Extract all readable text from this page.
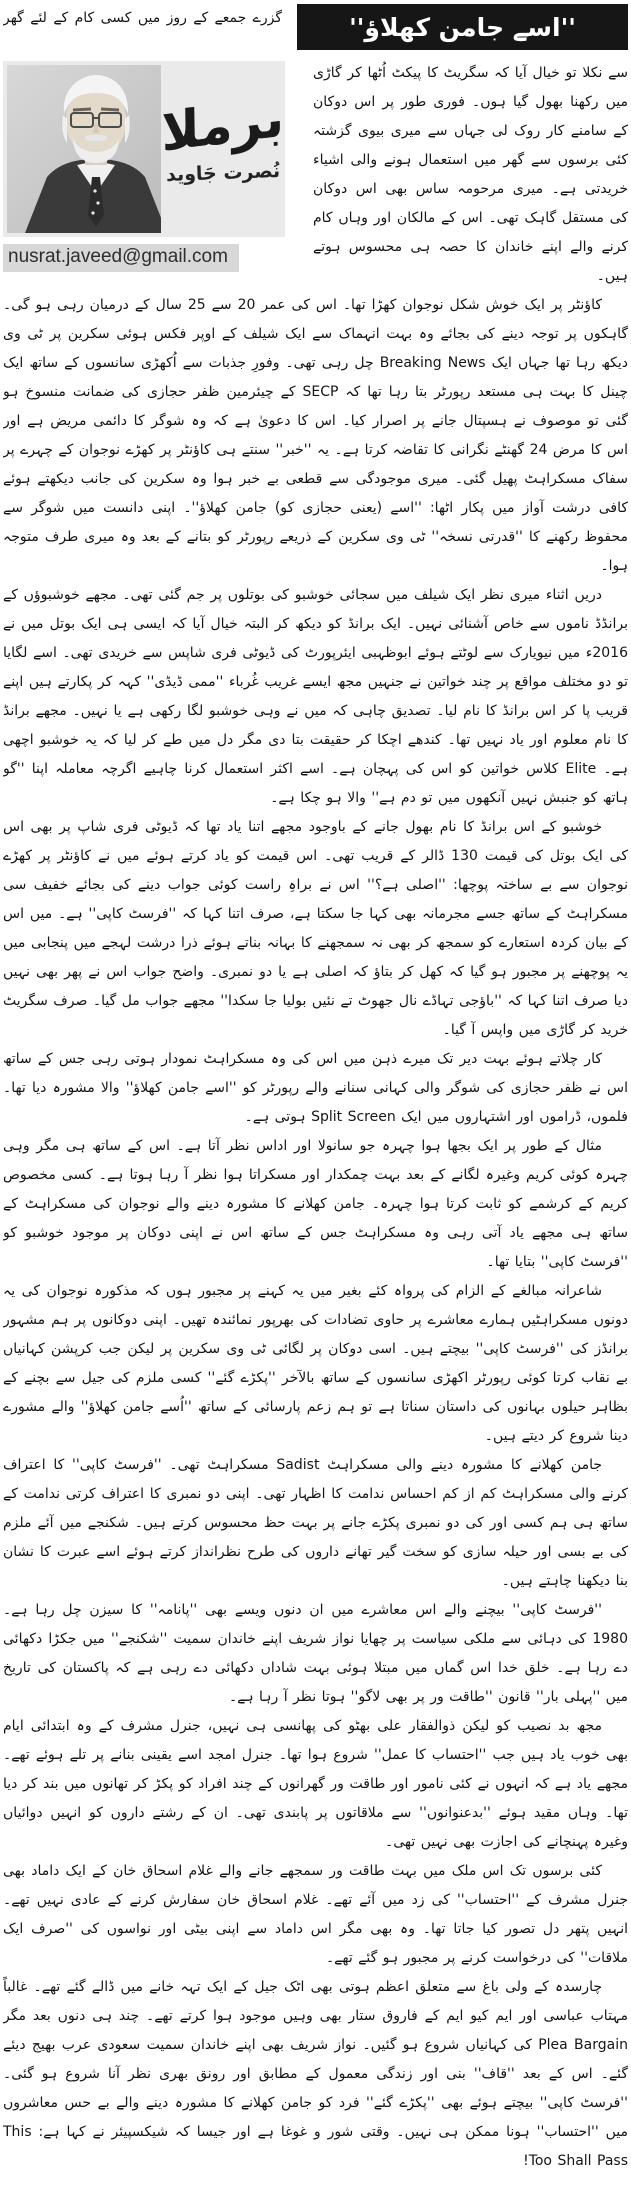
''اسے جامن کھلاؤ''
برملا
نُصرت جَاوید
nusrat.javeed@gmail.com

گزرے جمعے کے روز میں کسی کام کے لئے گھر سے نکلا تو خیال آیا کہ سگریٹ کا پیکٹ اُٹھا کر گاڑی میں رکھنا بھول گیا ہوں۔ فوری طور پر اس دوکان کے سامنے کار روک لی جہاں سے میری بیوی گزشتہ کئی برسوں سے گھر میں استعمال ہونے والی اشیاء خریدتی ہے۔ میری مرحومہ ساس بھی اس دوکان کی مستقل گاہک تھی۔ اس کے مالکان اور وہاں کام کرنے والے اپنے خاندان کا حصہ ہی محسوس ہوتے ہیں۔

کاؤنٹر پر ایک خوش شکل نوجوان کھڑا تھا۔ اس کی عمر 20 سے 25 سال کے درمیان رہی ہو گی۔ گاہکوں پر توجہ دینے کی بجائے وہ بہت انہماک سے ایک شیلف کے اوپر فکس ہوئی سکرین پر ٹی وی دیکھ رہا تھا جہاں ایک Breaking News چل رہی تھی۔ وفورِ جذبات سے اُکھڑی سانسوں کے ساتھ ایک چینل کا بہت ہی مستعد رپورٹر بتا رہا تھا کہ SECP کے چیئرمین ظفر حجازی کی ضمانت منسوخ ہو گئی تو موصوف نے ہسپتال جانے پر اصرار کیا۔ اس کا دعویٰ ہے کہ وہ شوگر کا دائمی مریض ہے اور اس کا مرض 24 گھنٹے نگرانی کا تقاضہ کرتا ہے۔ یہ ''خبر'' سنتے ہی کاؤنٹر پر کھڑے نوجوان کے چہرے پر سفاک مسکراہٹ پھیل گئی۔ میری موجودگی سے قطعی بے خبر ہوا وہ سکرین کی جانب دیکھتے ہوئے کافی درشت آواز میں پکار اٹھا: ''اسے (یعنی حجازی کو) جامن کھلاؤ''۔ اپنی دانست میں شوگر سے محفوظ رکھنے کا ''قدرتی نسخہ'' ٹی وی سکرین کے ذریعے رپورٹر کو بتانے کے بعد وہ میری طرف متوجہ ہوا۔

دریں اثناء میری نظر ایک شیلف میں سجائی خوشبو کی بوتلوں پر جم گئی تھی۔ مجھے خوشبوؤں کے برانڈڈ ناموں سے خاص آشنائی نہیں۔ ایک برانڈ کو دیکھ کر البتہ خیال آیا کہ ایسی ہی ایک بوتل میں نے 2016ء میں نیویارک سے لوٹتے ہوئے ابوظہبی ایئرپورٹ کی ڈیوٹی فری شاپس سے خریدی تھی۔ اسے لگایا تو دو مختلف مواقع پر چند خواتین نے جنہیں مجھ ایسے غریب غُرباء ''ممی ڈیڈی'' کہہ کر پکارتے ہیں اپنے قریب پا کر اس برانڈ کا نام لیا۔ تصدیق چاہی کہ میں نے وہی خوشبو لگا رکھی ہے یا نہیں۔ مجھے برانڈ کا نام معلوم اور یاد نہیں تھا۔ کندھے اچکا کر حقیقت بتا دی مگر دل میں طے کر لیا کہ یہ خوشبو اچھی ہے۔ Elite کلاس خواتین کو اس کی پہچان ہے۔ اسے اکثر استعمال کرنا چاہیے اگرچہ معاملہ اپنا ''گو ہاتھ کو جنبش نہیں آنکھوں میں تو دم ہے'' والا ہو چکا ہے۔

خوشبو کے اس برانڈ کا نام بھول جانے کے باوجود مجھے اتنا یاد تھا کہ ڈیوٹی فری شاپ پر بھی اس کی ایک بوتل کی قیمت 130 ڈالر کے قریب تھی۔ اس قیمت کو یاد کرتے ہوئے میں نے کاؤنٹر پر کھڑے نوجوان سے بے ساختہ پوچھا: ''اصلی ہے؟'' اس نے براہِ راست کوئی جواب دینے کی بجائے خفیف سی مسکراہٹ کے ساتھ جسے مجرمانہ بھی کہا جا سکتا ہے، صرف اتنا کہا کہ ''فرسٹ کاپی'' ہے۔ میں اس کے بیان کردہ استعارے کو سمجھ کر بھی نہ سمجھنے کا بہانہ بناتے ہوئے ذرا درشت لہجے میں پنجابی میں یہ پوچھنے پر مجبور ہو گیا کہ کھل کر بتاؤ کہ اصلی ہے یا دو نمبری۔ واضح جواب اس نے پھر بھی نہیں دیا صرف اتنا کہا کہ ''باؤجی تہاڈے نال جھوٹ تے نئیں بولیا جا سکدا'' مجھے جواب مل گیا۔ صرف سگریٹ خرید کر گاڑی میں واپس آ گیا۔

کار چلاتے ہوئے بہت دیر تک میرے ذہن میں اس کی وہ مسکراہٹ نمودار ہوتی رہی جس کے ساتھ اس نے ظفر حجازی کی شوگر والی کہانی سنانے والے رپورٹر کو ''اسے جامن کھلاؤ'' والا مشورہ دیا تھا۔ فلموں، ڈراموں اور اشتہاروں میں ایک Split Screen ہوتی ہے۔

مثال کے طور پر ایک بجھا ہوا چہرہ جو سانولا اور اداس نظر آتا ہے۔ اس کے ساتھ ہی مگر وہی چہرہ کوئی کریم وغیرہ لگانے کے بعد بہت چمکدار اور مسکراتا ہوا نظر آ رہا ہوتا ہے۔ کسی مخصوص کریم کے کرشمے کو ثابت کرتا ہوا چہرہ۔ جامن کھلانے کا مشورہ دینے والے نوجوان کی مسکراہٹ کے ساتھ ہی مجھے یاد آتی رہی وہ مسکراہٹ جس کے ساتھ اس نے اپنی دوکان پر موجود خوشبو کو ''فرسٹ کاپی'' بتایا تھا۔

شاعرانہ مبالغے کے الزام کی پرواہ کئے بغیر میں یہ کہنے پر مجبور ہوں کہ مذکورہ نوجوان کی یہ دونوں مسکراہٹیں ہمارے معاشرے پر حاوی تضادات کی بھرپور نمائندہ تھیں۔ اپنی دوکانوں پر ہم مشہور برانڈز کی ''فرسٹ کاپی'' بیچتے ہیں۔ اسی دوکان پر لگائی ٹی وی سکرین پر لیکن جب کرپشن کہانیاں بے نقاب کرتا کوئی رپورٹر اکھڑی سانسوں کے ساتھ بالآخر ''پکڑے گئے'' کسی ملزم کی جیل سے بچنے کے بظاہر حیلوں بہانوں کی داستان سناتا ہے تو ہم زعم پارسائی کے ساتھ ''اُسے جامن کھلاؤ'' والے مشورے دینا شروع کر دیتے ہیں۔

جامن کھلانے کا مشورہ دینے والی مسکراہٹ Sadist مسکراہٹ تھی۔ ''فرسٹ کاپی'' کا اعتراف کرنے والی مسکراہٹ کم از کم احساس ندامت کا اظہار تھی۔ اپنی دو نمبری کا اعتراف کرتی ندامت کے ساتھ ہی ہم کسی اور کی دو نمبری پکڑے جانے پر بہت حظ محسوس کرتے ہیں۔ شکنجے میں آئے ملزم کی بے بسی اور حیلہ سازی کو سخت گیر تھانے داروں کی طرح نظرانداز کرتے ہوئے اسے عبرت کا نشان بنا دیکھنا چاہتے ہیں۔

''فرسٹ کاپی'' بیچنے والے اس معاشرے میں ان دنوں ویسے بھی ''پانامہ'' کا سیزن چل رہا ہے۔ 1980 کی دہائی سے ملکی سیاست پر چھایا نواز شریف اپنے خاندان سمیت ''شکنجے'' میں جکڑا دکھائی دے رہا ہے۔ خلق خدا اس گماں میں مبتلا ہوئی بہت شاداں دکھائی دے رہی ہے کہ پاکستان کی تاریخ میں ''پہلی بار'' قانون ''طاقت ور پر بھی لاگو'' ہوتا نظر آ رہا ہے۔

مجھ بد نصیب کو لیکن ذوالفقار علی بھٹو کی پھانسی ہی نہیں، جنرل مشرف کے وہ ابتدائی ایام بھی خوب یاد ہیں جب ''احتساب کا عمل'' شروع ہوا تھا۔ جنرل امجد اسے یقینی بنانے پر تلے ہوئے تھے۔ مجھے یاد ہے کہ انہوں نے کئی نامور اور طاقت ور گھرانوں کے چند افراد کو پکڑ کر تھانوں میں بند کر دیا تھا۔ وہاں مقید ہوئے ''بدعنوانوں'' سے ملاقاتوں پر پابندی تھی۔ ان کے رشتے داروں کو انہیں دوائیاں وغیرہ پہنچانے کی اجازت بھی نہیں تھی۔

کئی برسوں تک اس ملک میں بہت طاقت ور سمجھے جانے والے غلام اسحاق خان کے ایک داماد بھی جنرل مشرف کے ''احتساب'' کی زد میں آئے تھے۔ غلام اسحاق خان سفارش کرنے کے عادی نہیں تھے۔ انہیں پتھر دل تصور کیا جاتا تھا۔ وہ بھی مگر اس داماد سے اپنی بیٹی اور نواسوں کی ''صرف ایک ملاقات'' کی درخواست کرنے پر مجبور ہو گئے تھے۔

چارسدہ کے ولی باغ سے متعلق اعظم ہوتی بھی اٹک جیل کے ایک تہہ خانے میں ڈالے گئے تھے۔ غالباً مہتاب عباسی اور ایم کیو ایم کے فاروق ستار بھی وہیں موجود ہوا کرتے تھے۔ چند ہی دنوں بعد مگر Plea Bargain کی کہانیاں شروع ہو گئیں۔ نواز شریف بھی اپنے خاندان سمیت سعودی عرب بھیج دیئے گئے۔ اس کے بعد ''قاف'' بنی اور زندگی معمول کے مطابق اور رونق بھری نظر آنا شروع ہو گئی۔ ''فرسٹ کاپی'' بیچتے ہوئے بھی ''پکڑے گئے'' فرد کو جامن کھلانے کا مشورہ دینے والے بے حس معاشروں میں ''احتساب'' ہونا ممکن ہی نہیں۔ وقتی شور و غوغا ہے اور جیسا کہ شیکسپیئر نے کہا ہے: This Too Shall Pass!
